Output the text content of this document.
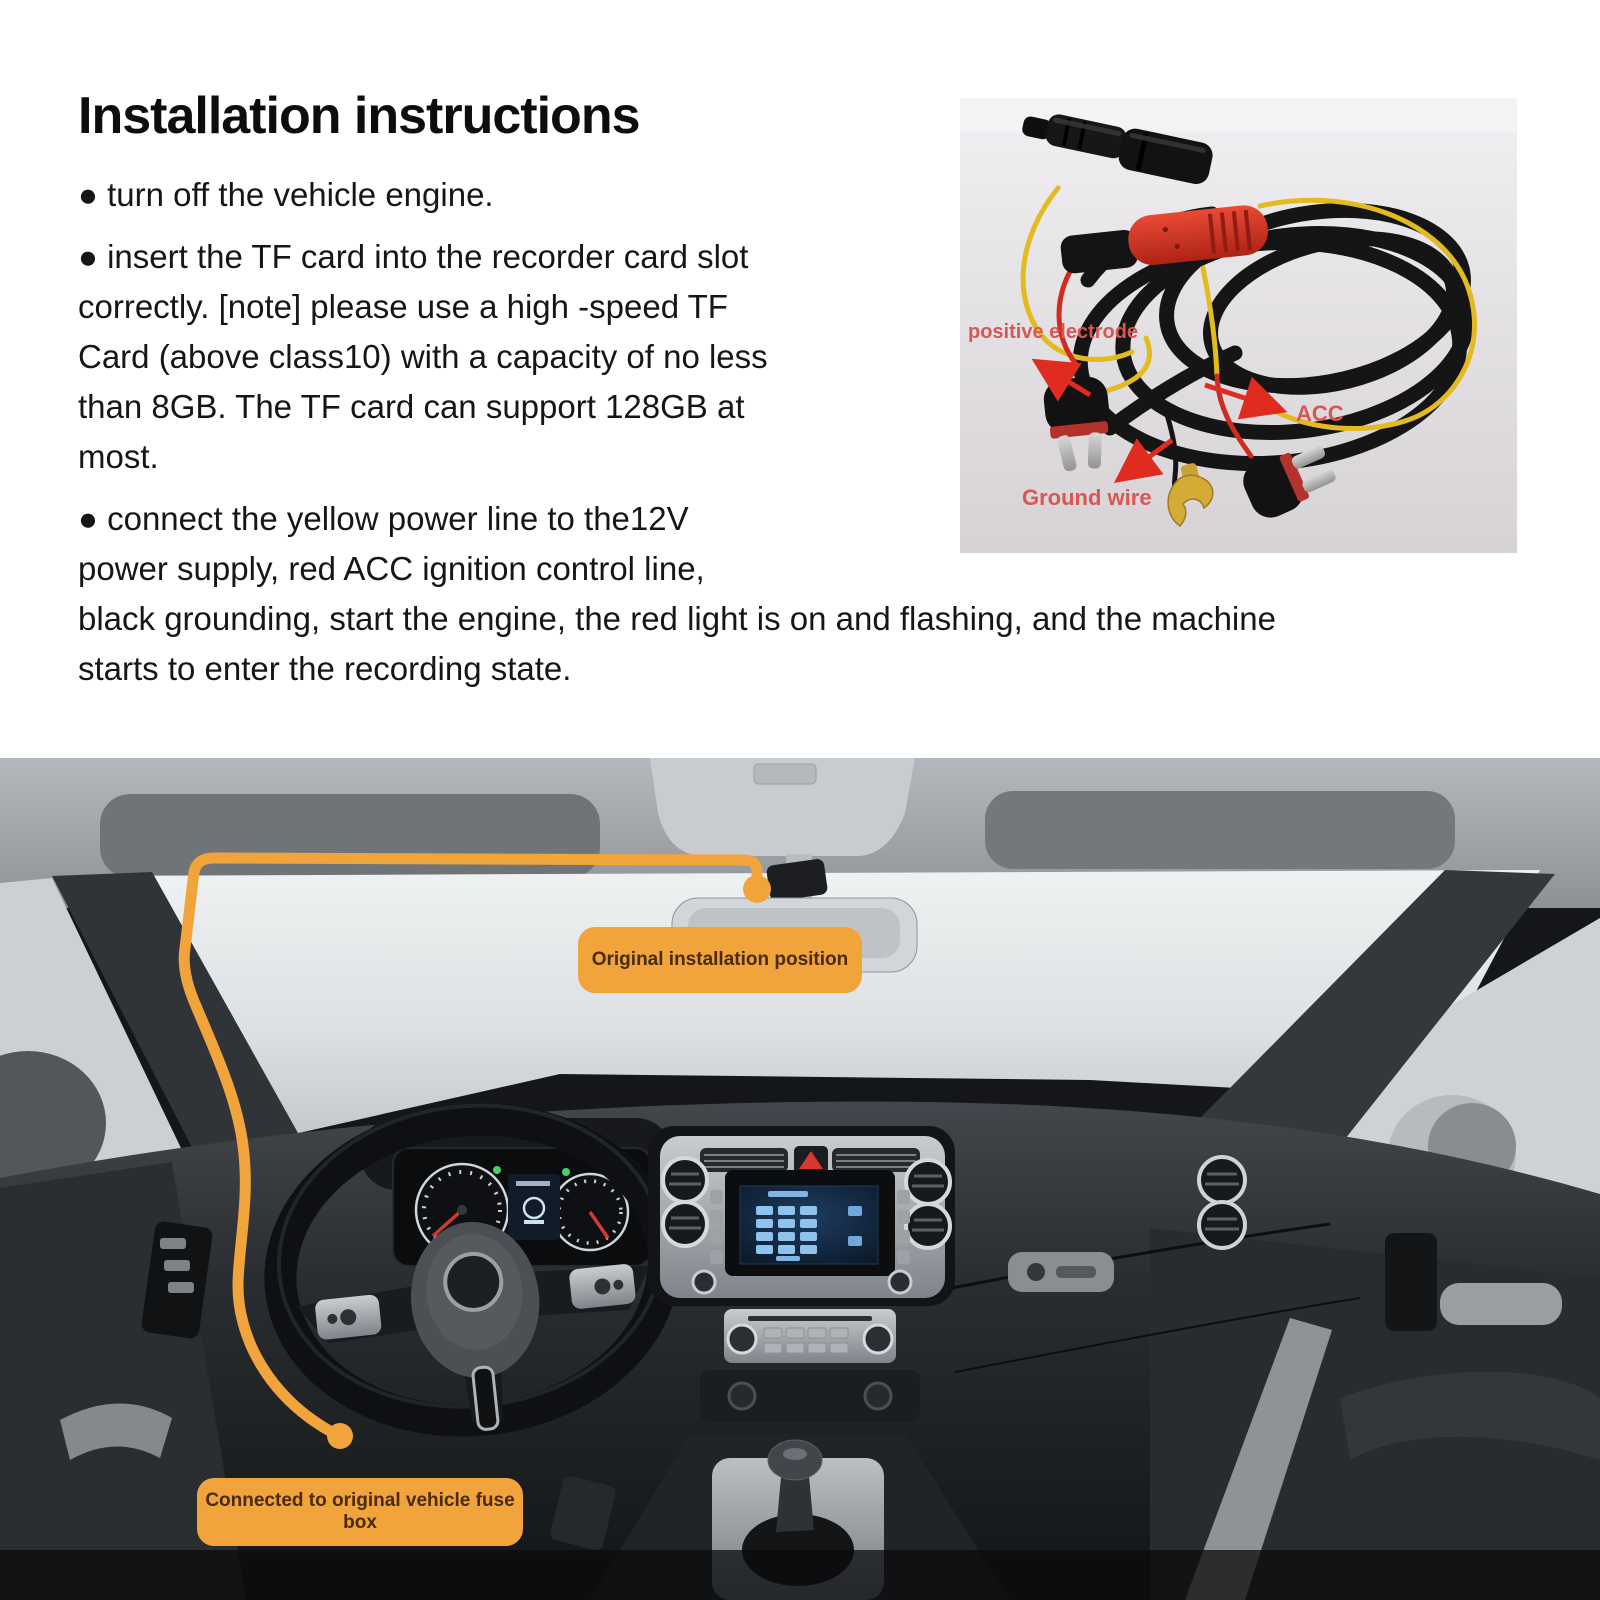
Installation instructions
● turn off the vehicle engine.
● insert the TF card into the recorder card slot
correctly. [note] please use a high -speed TF
Card (above class10) with a capacity of no less
than 8GB. The TF card can support 128GB at
most.
● connect the yellow power line to the12V
power supply, red ACC ignition control line,
black grounding, start the engine, the red light is on and flashing, and the machine
starts to enter the recording state.
positive electrode
ACC
Ground wire
Original installation position
Connected to original vehicle fuse box
